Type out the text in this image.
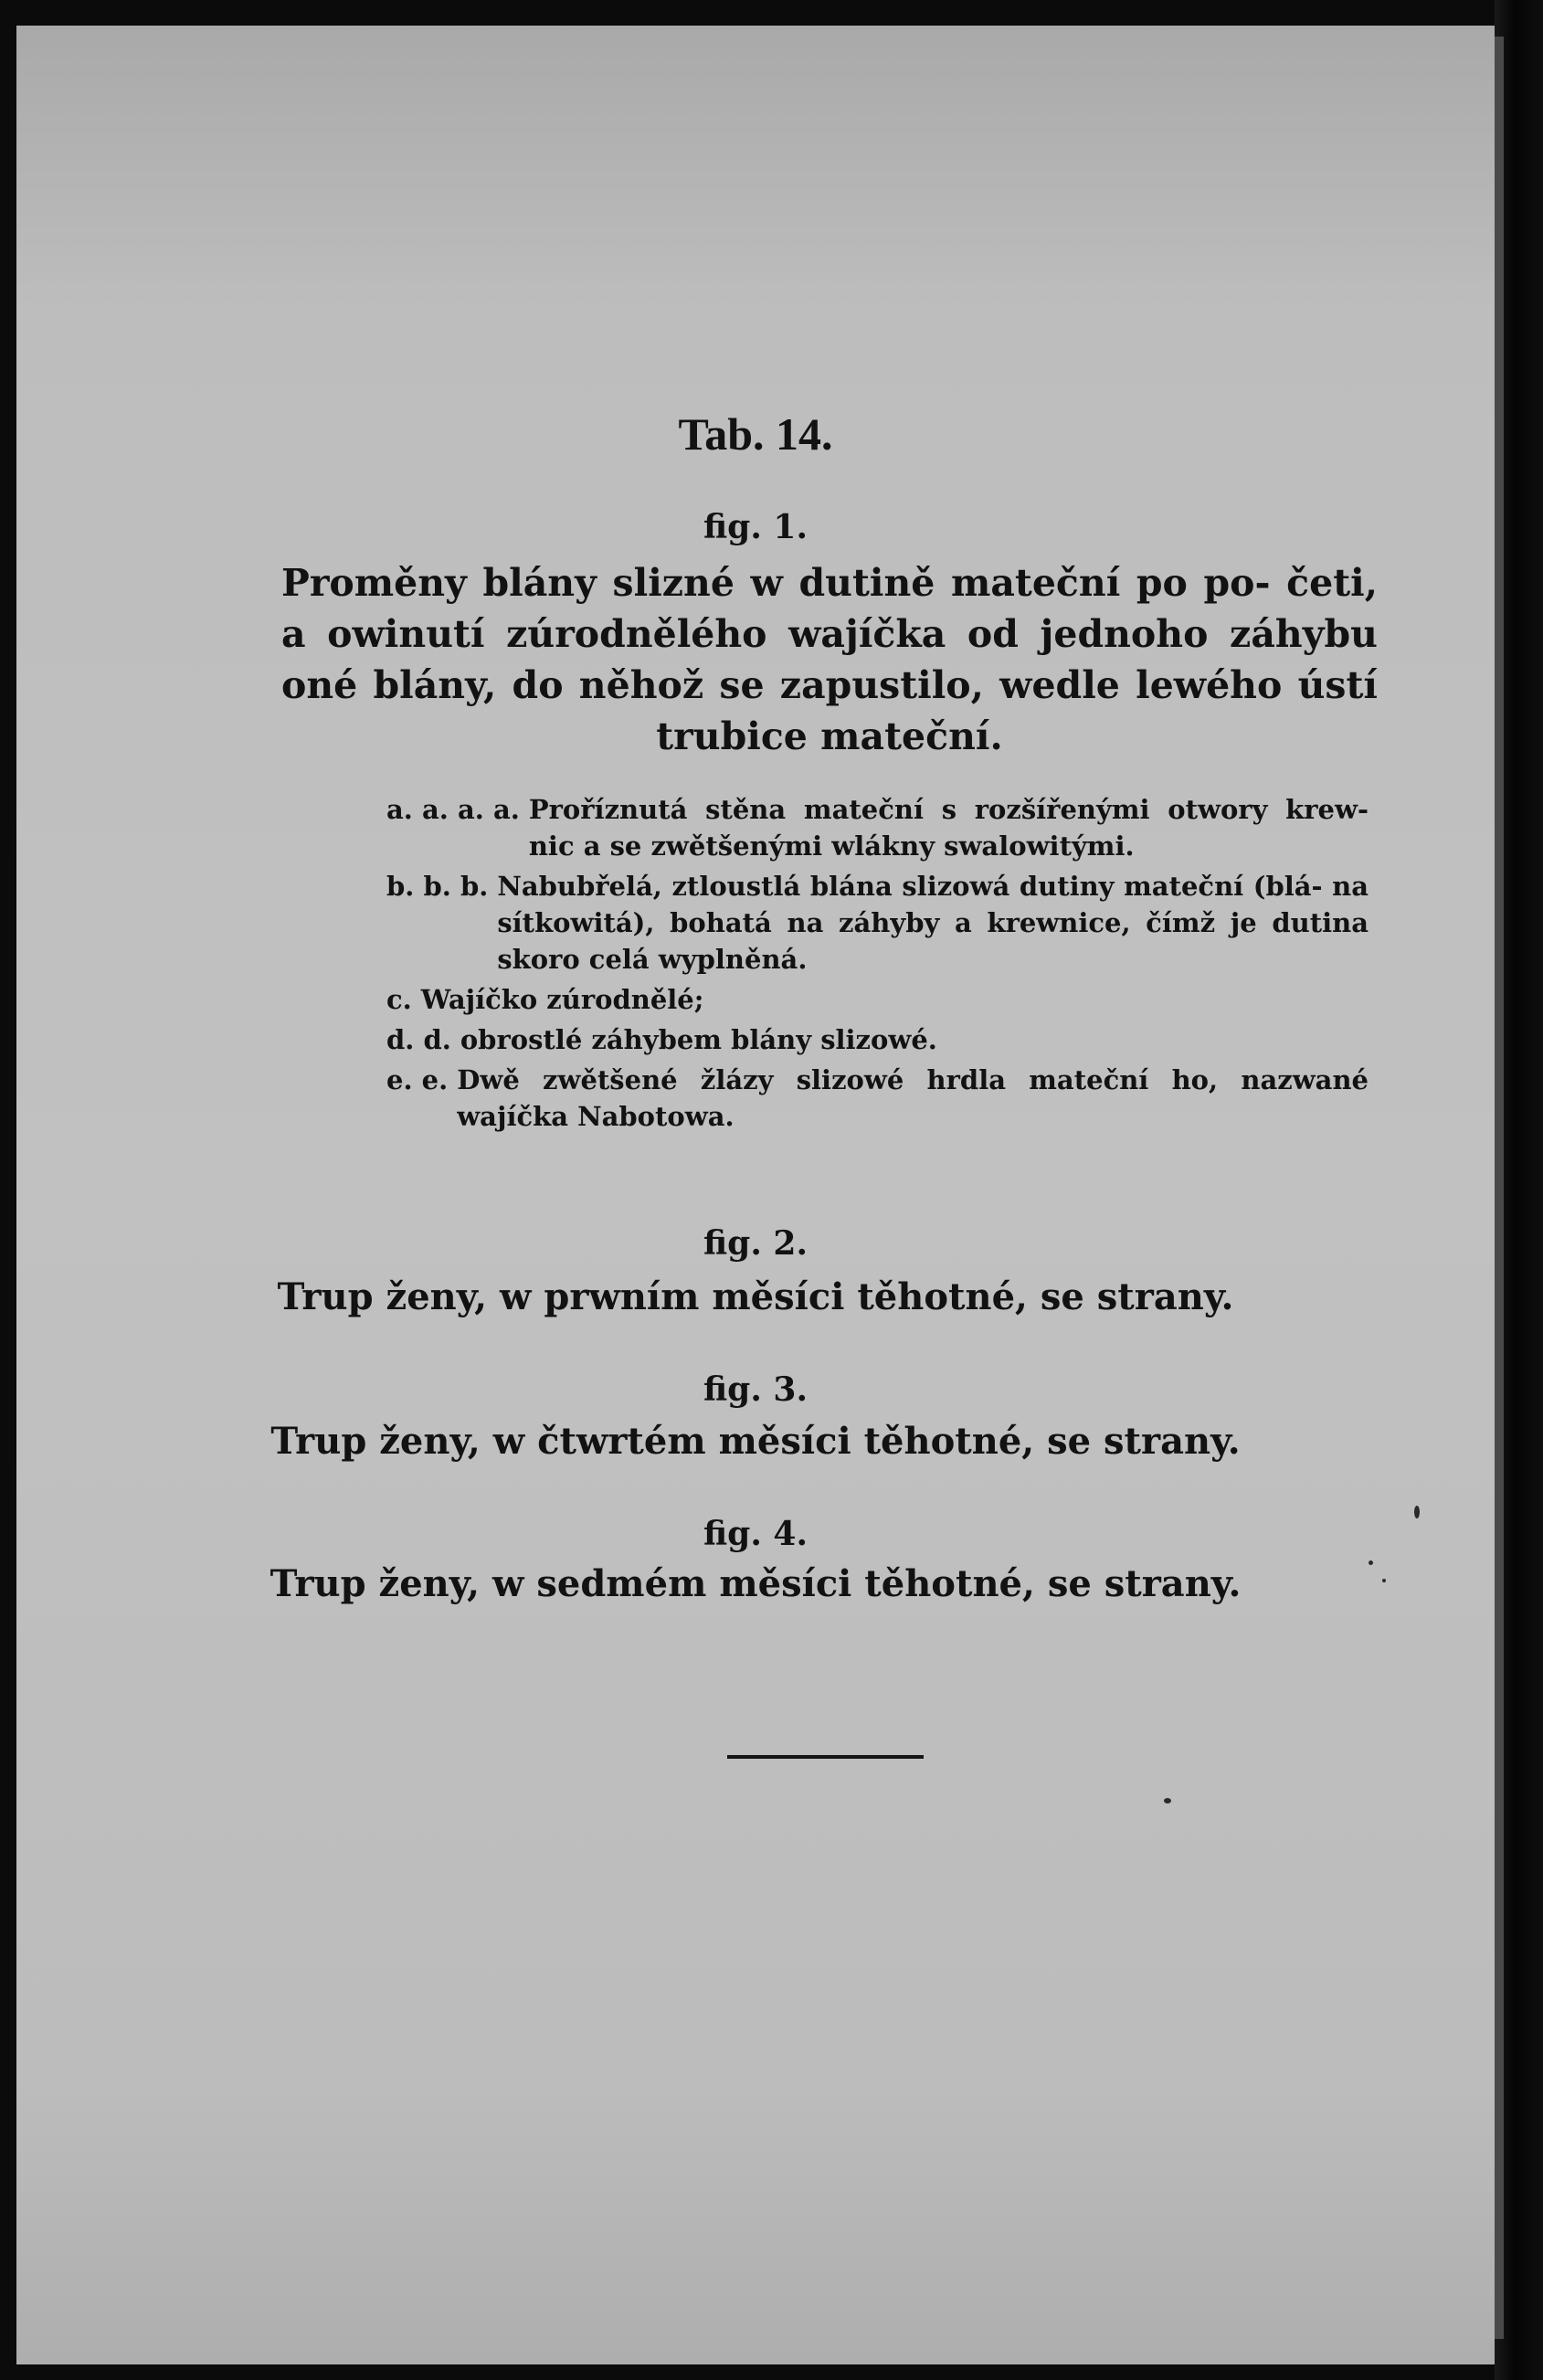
Tab. 14.
fig. 1.
Proměny blány slizné w dutině mateční po po- četi, a owinutí zúrodnělého wajíčka od jednoho záhybu oné blány, do něhož se zapustilo, wedle lewého ústí trubice mateční.
a. a. a. a. Proříznutá stěna mateční s rozšířenými otwory krew- nic a se zwětšenými wlákny swalowitými.
b. b. b. Nabubřelá, ztloustlá blána slizowá dutiny mateční (blá- na sítkowitá), bohatá na záhyby a krewnice, čímž je dutina skoro celá wyplněná.
c. Wajíčko zúrodnělé;
d. d. obrostlé záhybem blány slizowé.
e. e. Dwě zwětšené žlázy slizowé hrdla mateční ho, nazwané wajíčka Nabotowa.
fig. 2.
Trup ženy, w prwním měsíci těhotné, se strany.
fig. 3.
Trup ženy, w čtwrtém měsíci těhotné, se strany.
fig. 4.
Trup ženy, w sedmém měsíci těhotné, se strany.
